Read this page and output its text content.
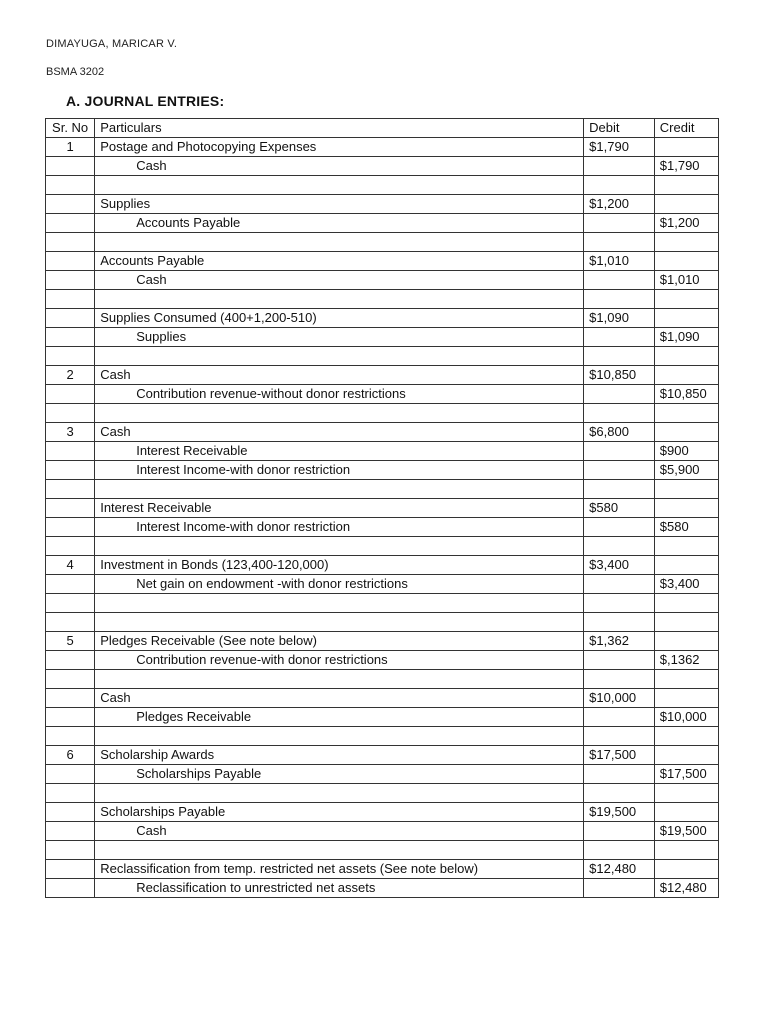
DIMAYUGA, MARICAR V.
BSMA 3202
A. JOURNAL ENTRIES:
Sr. No	Particulars	Debit	Credit
1	Postage and Photocopying Expenses	$1,790	
	Cash		$1,790

	Supplies	$1,200	
	Accounts Payable		$1,200

	Accounts Payable	$1,010	
	Cash		$1,010

	Supplies Consumed (400+1,200-510)	$1,090	
	Supplies		$1,090

2	Cash	$10,850	
	Contribution revenue-without donor restrictions		$10,850

3	Cash	$6,800	
	Interest Receivable		$900
	Interest Income-with donor restriction		$5,900

	Interest Receivable	$580	
	Interest Income-with donor restriction		$580

4	Investment in Bonds (123,400-120,000)	$3,400	
	Net gain on endowment -with donor restrictions		$3,400

5	Pledges Receivable (See note below)	$1,362	
	Contribution revenue-with donor restrictions		$,1362

	Cash	$10,000	
	Pledges Receivable		$10,000

6	Scholarship Awards	$17,500	
	Scholarships Payable		$17,500

	Scholarships Payable	$19,500	
	Cash		$19,500

	Reclassification from temp. restricted net assets (See note below)	$12,480	
	Reclassification to unrestricted net assets		$12,480
